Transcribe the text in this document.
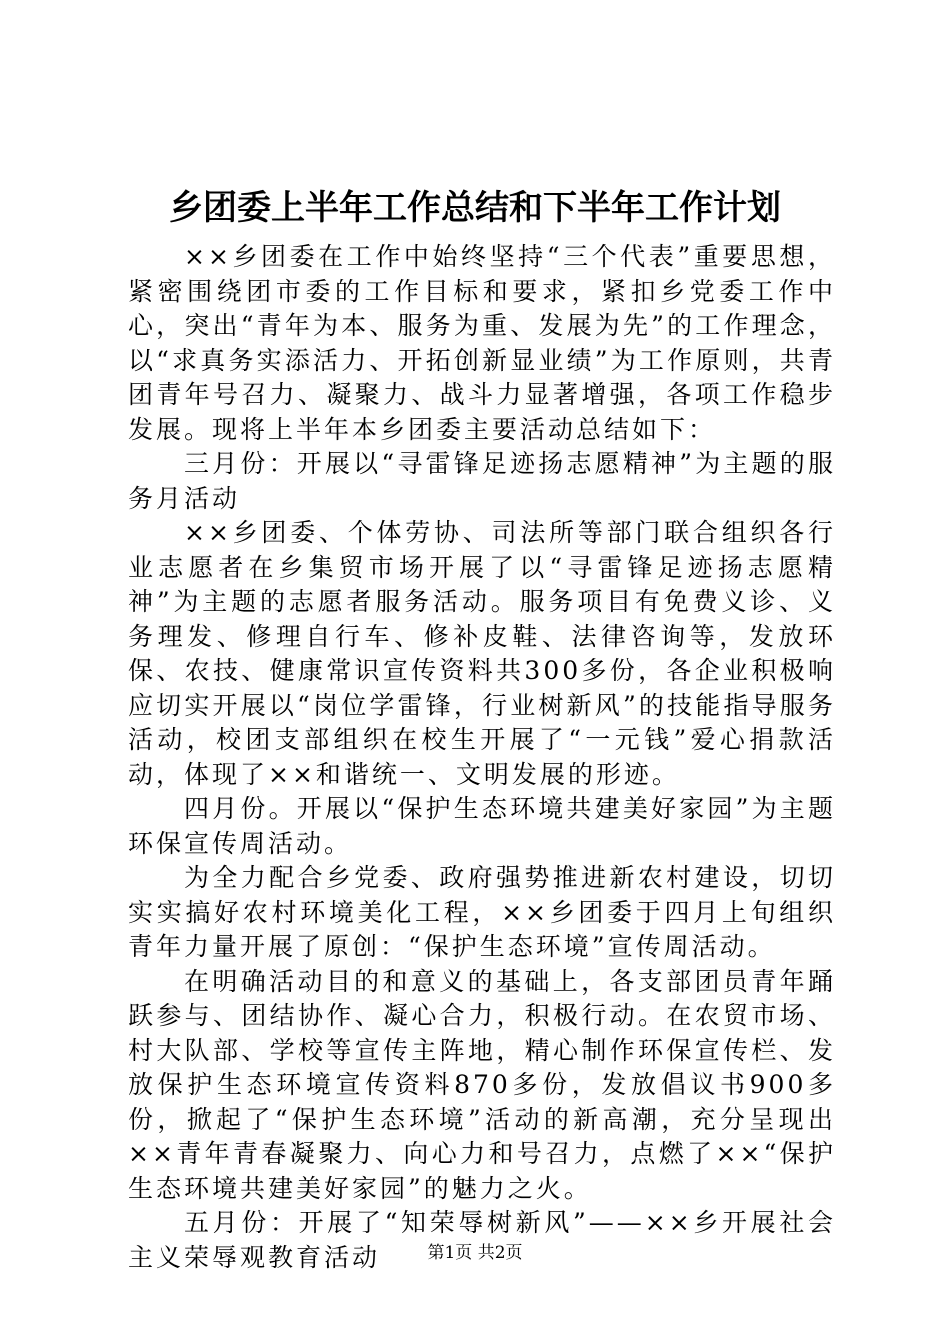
乡团委上半年工作总结和下半年工作计划

××乡团委在工作中始终坚持“三个代表”重要思想，紧密围绕团市委的工作目标和要求，紧扣乡党委工作中心，突出“青年为本、服务为重、发展为先”的工作理念，以“求真务实添活力、开拓创新显业绩”为工作原则，共青团青年号召力、凝聚力、战斗力显著增强，各项工作稳步发展。现将上半年本乡团委主要活动总结如下：

三月份：开展以“寻雷锋足迹扬志愿精神”为主题的服务月活动

××乡团委、个体劳协、司法所等部门联合组织各行业志愿者在乡集贸市场开展了以“寻雷锋足迹扬志愿精神”为主题的志愿者服务活动。服务项目有免费义诊、义务理发、修理自行车、修补皮鞋、法律咨询等，发放环保、农技、健康常识宣传资料共300多份，各企业积极响应切实开展以“岗位学雷锋，行业树新风”的技能指导服务活动，校团支部组织在校生开展了“一元钱”爱心捐款活动，体现了××和谐统一、文明发展的形迹。

四月份。开展以“保护生态环境共建美好家园”为主题环保宣传周活动。

为全力配合乡党委、政府强势推进新农村建设，切切实实搞好农村环境美化工程，××乡团委于四月上旬组织青年力量开展了原创：“保护生态环境”宣传周活动。

在明确活动目的和意义的基础上，各支部团员青年踊跃参与、团结协作、凝心合力，积极行动。在农贸市场、村大队部、学校等宣传主阵地，精心制作环保宣传栏、发放保护生态环境宣传资料870多份，发放倡议书900多份，掀起了“保护生态环境”活动的新高潮，充分呈现出××青年青春凝聚力、向心力和号召力，点燃了××“保护生态环境共建美好家园”的魅力之火。

五月份：开展了“知荣辱树新风”——××乡开展社会主义荣辱观教育活动	第1页 共2页
